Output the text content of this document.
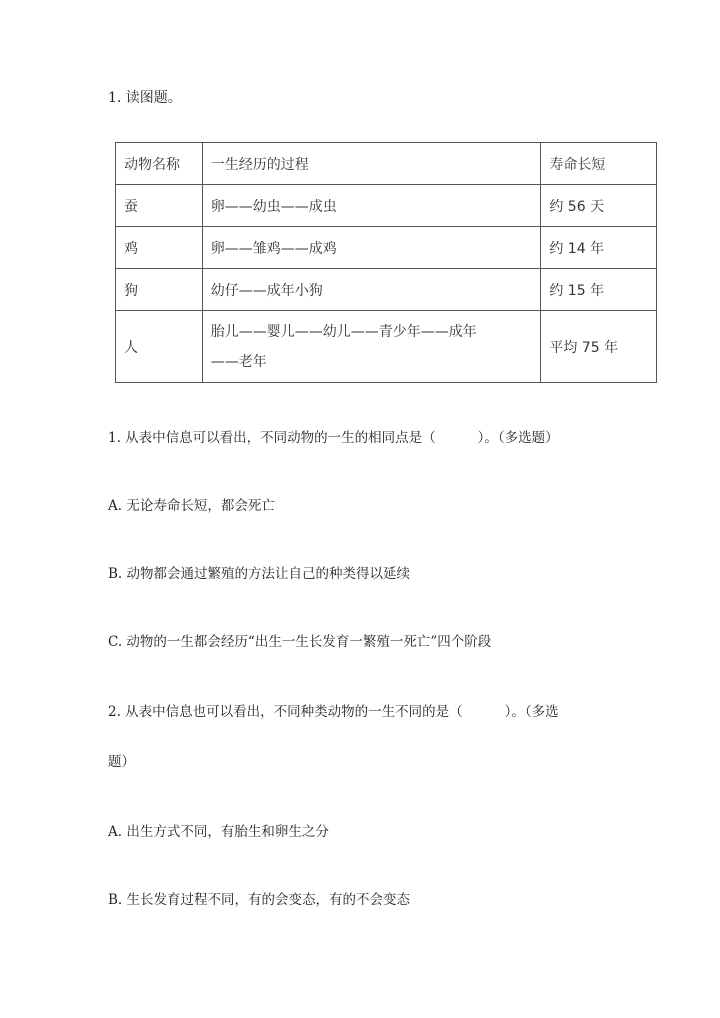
1. 读图题。
动物名称	一生经历的过程	寿命长短
蚕	卵——幼虫——成虫	约 56 天
鸡	卵——雏鸡——成鸡	约 14 年
狗	幼仔——成年小狗	约 15 年
人	胎儿——婴儿——幼儿——青少年——成年
——老年	平均 75 年
1. 从表中信息可以看出，不同动物的一生的相同点是（	）。（多选题）
A. 无论寿命长短，都会死亡
B. 动物都会通过繁殖的方法让自己的种类得以延续
C. 动物的一生都会经历“出生一生长发育一繁殖一死亡”四个阶段
2. 从表中信息也可以看出，不同种类动物的一生不同的是（	）。（多选
题）
A. 出生方式不同，有胎生和卵生之分
B. 生长发育过程不同，有的会变态，有的不会变态
